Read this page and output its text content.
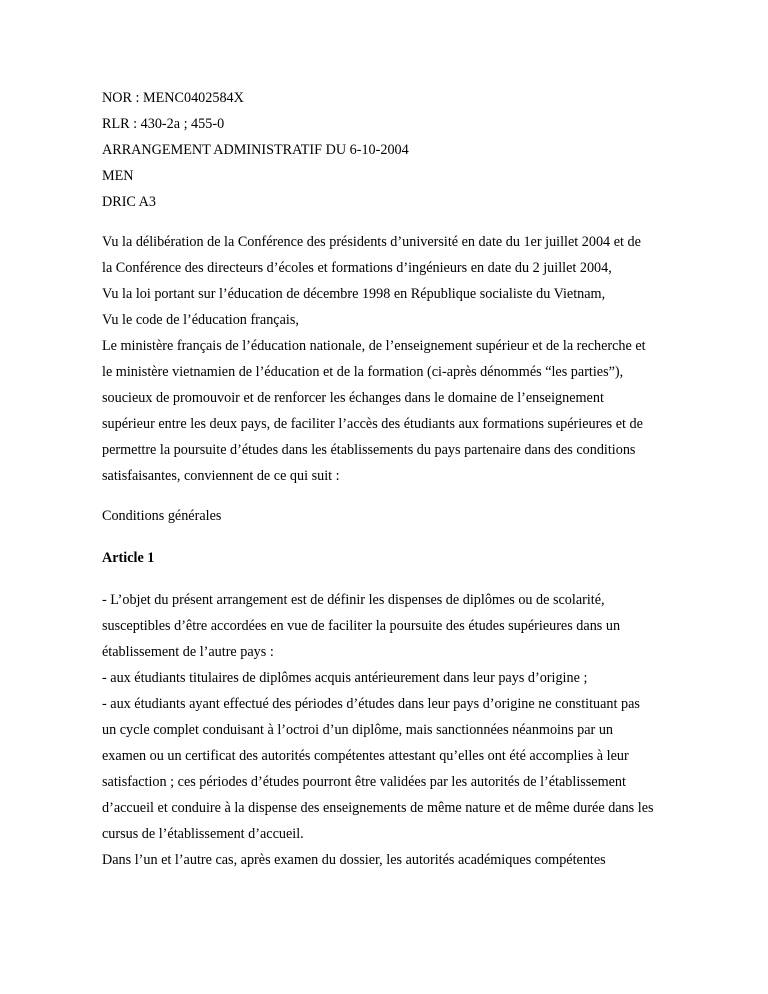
NOR : MENC0402584X
RLR : 430-2a ; 455-0
ARRANGEMENT ADMINISTRATIF DU 6-10-2004
MEN
DRIC A3
Vu la délibération de la Conférence des présidents d’université en date du 1er juillet 2004 et de
la Conférence des directeurs d’écoles et formations d’ingénieurs en date du 2 juillet 2004,
Vu la loi portant sur l’éducation de décembre 1998 en République socialiste du Vietnam,
Vu le code de l’éducation français,
Le ministère français de l’éducation nationale, de l’enseignement supérieur et de la recherche et
le ministère vietnamien de l’éducation et de la formation (ci-après dénommés “les parties”),
soucieux de promouvoir et de renforcer les échanges dans le domaine de l’enseignement
supérieur entre les deux pays, de faciliter l’accès des étudiants aux formations supérieures et de
permettre la poursuite d’études dans les établissements du pays partenaire dans des conditions
satisfaisantes, conviennent de ce qui suit :
Conditions générales
Article 1
- L’objet du présent arrangement est de définir les dispenses de diplômes ou de scolarité,
susceptibles d’être accordées en vue de faciliter la poursuite des études supérieures dans un
établissement de l’autre pays :
- aux étudiants titulaires de diplômes acquis antérieurement dans leur pays d’origine ;
- aux étudiants ayant effectué des périodes d’études dans leur pays d’origine ne constituant pas
un cycle complet conduisant à l’octroi d’un diplôme, mais sanctionnées néanmoins par un
examen ou un certificat des autorités compétentes attestant qu’elles ont été accomplies à leur
satisfaction ; ces périodes d’études pourront être validées par les autorités de l’établissement
d’accueil et conduire à la dispense des enseignements de même nature et de même durée dans les
cursus de l’établissement d’accueil.
Dans l’un et l’autre cas, après examen du dossier, les autorités académiques compétentes
